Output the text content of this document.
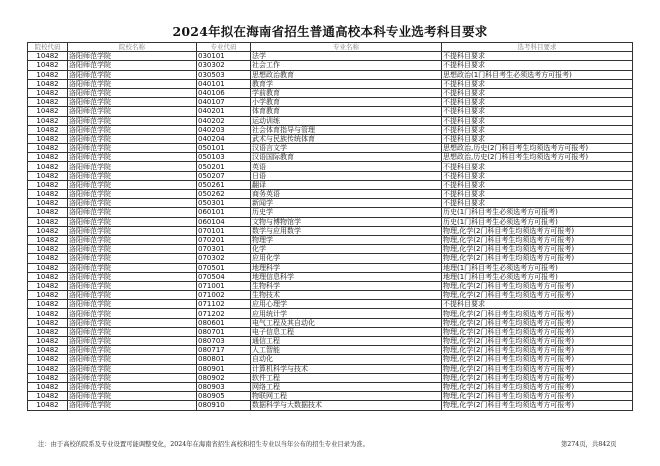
2024年拟在海南省招生普通高校本科专业选考科目要求
院校代码	院校名称	专业代码	专业名称	选考科目要求
10482	洛阳师范学院	030101	法学	不提科目要求
10482	洛阳师范学院	030302	社会工作	不提科目要求
10482	洛阳师范学院	030503	思想政治教育	思想政治(1门科目考生必须选考方可报考)
10482	洛阳师范学院	040101	教育学	不提科目要求
10482	洛阳师范学院	040106	学前教育	不提科目要求
10482	洛阳师范学院	040107	小学教育	不提科目要求
10482	洛阳师范学院	040201	体育教育	不提科目要求
10482	洛阳师范学院	040202	运动训练	不提科目要求
10482	洛阳师范学院	040203	社会体育指导与管理	不提科目要求
10482	洛阳师范学院	040204	武术与民族传统体育	不提科目要求
10482	洛阳师范学院	050101	汉语言文学	思想政治,历史(2门科目考生均须选考方可报考)
10482	洛阳师范学院	050103	汉语国际教育	思想政治,历史(2门科目考生均须选考方可报考)
10482	洛阳师范学院	050201	英语	不提科目要求
10482	洛阳师范学院	050207	日语	不提科目要求
10482	洛阳师范学院	050261	翻译	不提科目要求
10482	洛阳师范学院	050262	商务英语	不提科目要求
10482	洛阳师范学院	050301	新闻学	不提科目要求
10482	洛阳师范学院	060101	历史学	历史(1门科目考生必须选考方可报考)
10482	洛阳师范学院	060104	文物与博物馆学	历史(1门科目考生必须选考方可报考)
10482	洛阳师范学院	070101	数学与应用数学	物理,化学(2门科目考生均须选考方可报考)
10482	洛阳师范学院	070201	物理学	物理,化学(2门科目考生均须选考方可报考)
10482	洛阳师范学院	070301	化学	物理,化学(2门科目考生均须选考方可报考)
10482	洛阳师范学院	070302	应用化学	物理,化学(2门科目考生均须选考方可报考)
10482	洛阳师范学院	070501	地理科学	地理(1门科目考生必须选考方可报考)
10482	洛阳师范学院	070504	地理信息科学	地理(1门科目考生必须选考方可报考)
10482	洛阳师范学院	071001	生物科学	物理,化学(2门科目考生均须选考方可报考)
10482	洛阳师范学院	071002	生物技术	物理,化学(2门科目考生均须选考方可报考)
10482	洛阳师范学院	071102	应用心理学	不提科目要求
10482	洛阳师范学院	071202	应用统计学	物理,化学(2门科目考生均须选考方可报考)
10482	洛阳师范学院	080601	电气工程及其自动化	物理,化学(2门科目考生均须选考方可报考)
10482	洛阳师范学院	080701	电子信息工程	物理,化学(2门科目考生均须选考方可报考)
10482	洛阳师范学院	080703	通信工程	物理,化学(2门科目考生均须选考方可报考)
10482	洛阳师范学院	080717	人工智能	物理,化学(2门科目考生均须选考方可报考)
10482	洛阳师范学院	080801	自动化	物理,化学(2门科目考生均须选考方可报考)
10482	洛阳师范学院	080901	计算机科学与技术	物理,化学(2门科目考生均须选考方可报考)
10482	洛阳师范学院	080902	软件工程	物理,化学(2门科目考生均须选考方可报考)
10482	洛阳师范学院	080903	网络工程	物理,化学(2门科目考生均须选考方可报考)
10482	洛阳师范学院	080905	物联网工程	物理,化学(2门科目考生均须选考方可报考)
10482	洛阳师范学院	080910	数据科学与大数据技术	物理,化学(2门科目考生均须选考方可报考)
注：由于高校的院系及专业设置可能调整变化，2024年在海南省招生高校和招生专业以当年公布的招生专业目录为准。	第274页，共842页
